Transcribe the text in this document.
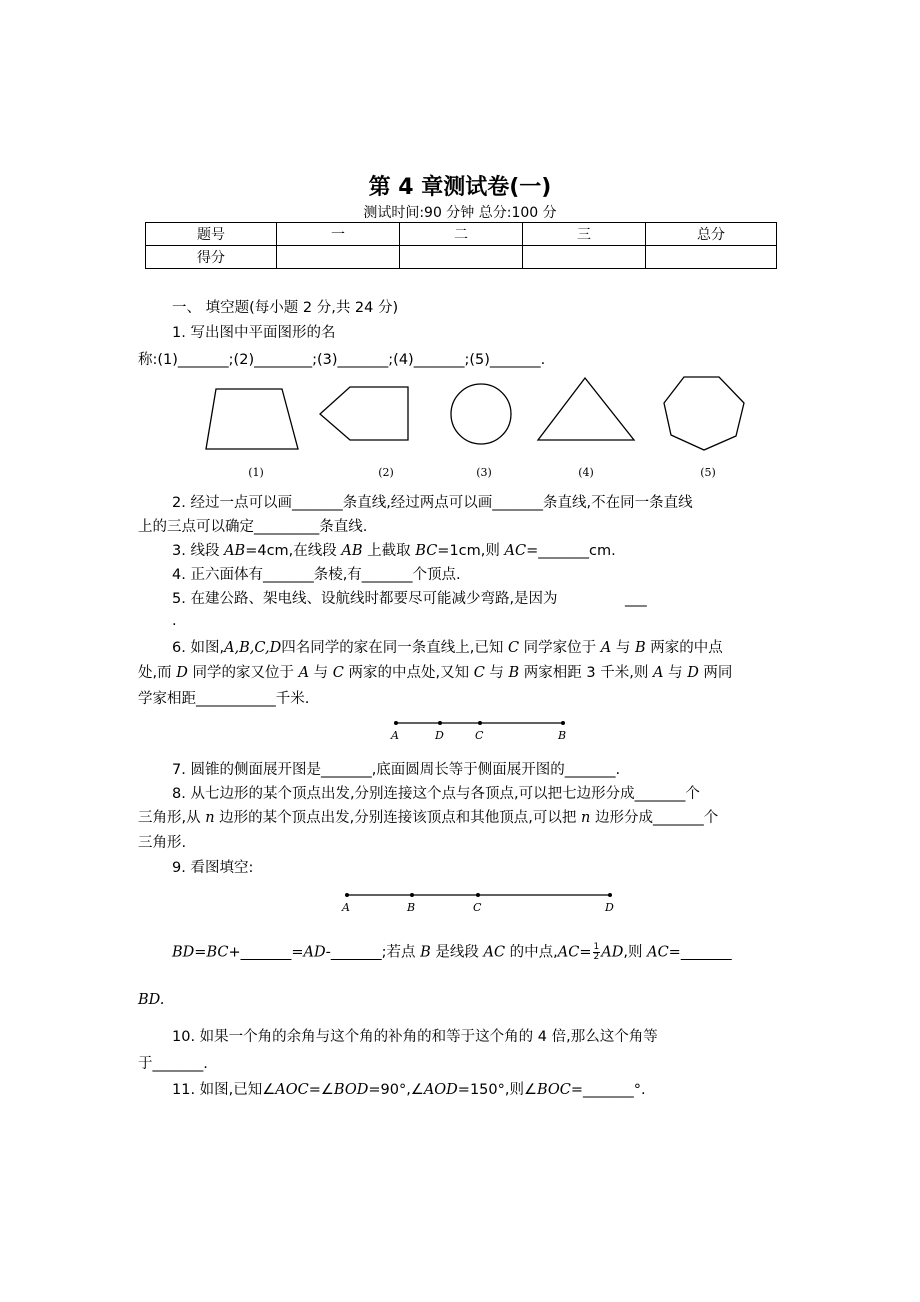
第 4 章测试卷(一)
测试时间:90 分钟 总分:100 分
题号	一	二	三	总分
得分				
一、 填空题(每小题 2 分,共 24 分)
1. 写出图中平面图形的名
称:(1)_______;(2)________;(3)_______;(4)_______;(5)_______.
(1)	(2)	(3)	(4)	(5)
2. 经过一点可以画_______条直线,经过两点可以画_______条直线,不在同一条直线
上的三点可以确定_________条直线.
3. 线段 AB=4cm,在线段 AB 上截取 BC=1cm,则 AC=_______cm.
4. 正六面体有_______条棱,有_______个顶点.
5. 在建公路、架电线、设航线时都要尽可能减少弯路,是因为	___
.
6. 如图,A,B,C,D四名同学的家在同一条直线上,已知 C 同学家位于 A 与 B 两家的中点
处,而 D 同学的家又位于 A 与 C 两家的中点处,又知 C 与 B 两家相距 3 千米,则 A 与 D 两同
学家相距___________千米.
A	D	C	B
7. 圆锥的侧面展开图是_______,底面圆周长等于侧面展开图的_______.
8. 从七边形的某个顶点出发,分别连接这个点与各顶点,可以把七边形分成_______个
三角形,从 n 边形的某个顶点出发,分别连接该顶点和其他顶点,可以把 n 边形分成_______个
三角形.
9. 看图填空:
A	B	C	D
BD=BC+_______=AD-_______;若点 B 是线段 AC 的中点$,AC= \frac{1}{2}$ AD,则 AC=_______
BD.
10. 如果一个角的余角与这个角的补角的和等于这个角的 4 倍,那么这个角等
于_______.
11. 如图,已知∠AOC=∠BOD=90°,∠AOD=150°,则∠BOC=_______°.
